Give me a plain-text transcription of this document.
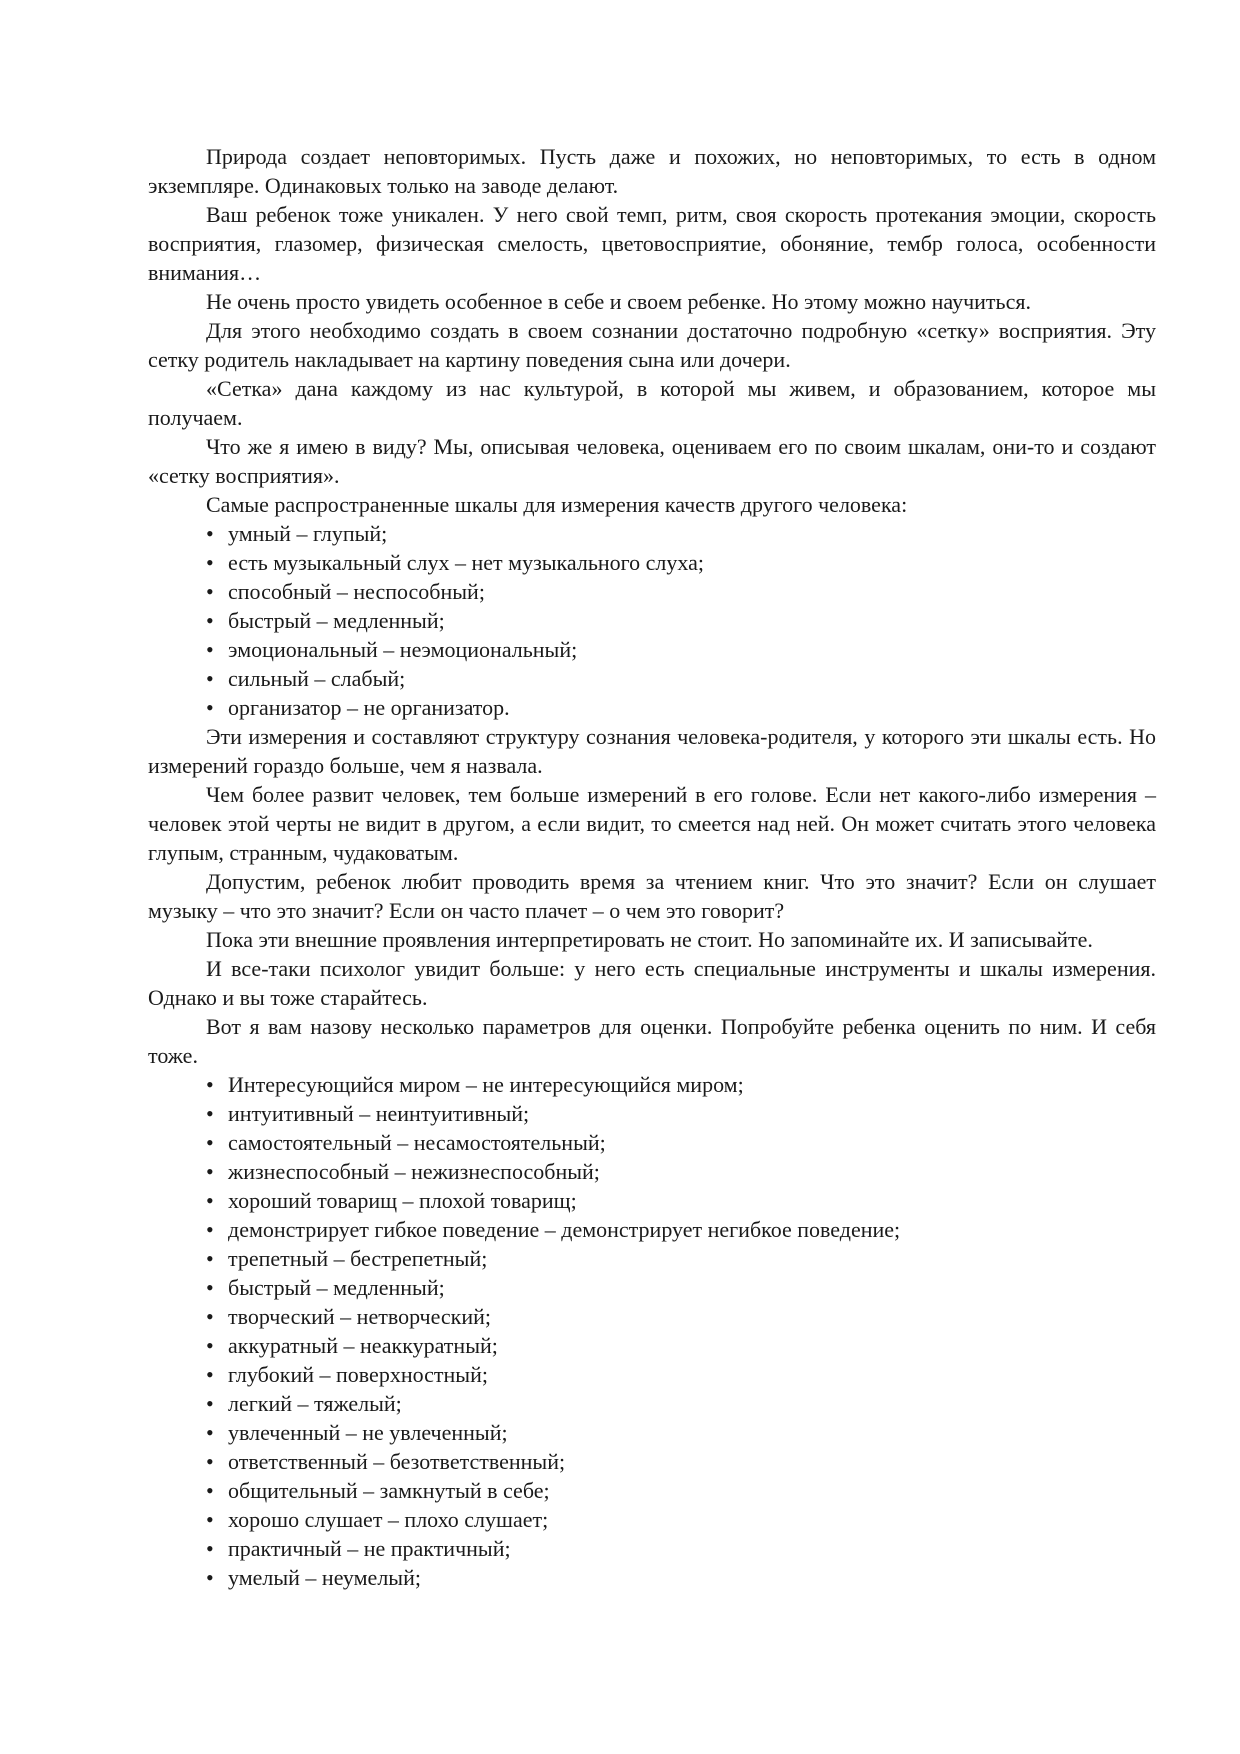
Природа создает неповторимых. Пусть даже и похожих, но неповторимых, то есть в одном экземпляре. Одинаковых только на заводе делают.

Ваш ребенок тоже уникален. У него свой темп, ритм, своя скорость протекания эмоции, скорость восприятия, глазомер, физическая смелость, цветовосприятие, обоняние, тембр голоса, особенности внимания…

Не очень просто увидеть особенное в себе и своем ребенке. Но этому можно научиться.

Для этого необходимо создать в своем сознании достаточно подробную «сетку» восприятия. Эту сетку родитель накладывает на картину поведения сына или дочери.

«Сетка» дана каждому из нас культурой, в которой мы живем, и образованием, которое мы получаем.

Что же я имею в виду? Мы, описывая человека, оцениваем его по своим шкалам, они-то и создают «сетку восприятия».

Самые распространенные шкалы для измерения качеств другого человека:

• умный – глупый;
• есть музыкальный слух – нет музыкального слуха;
• способный – неспособный;
• быстрый – медленный;
• эмоциональный – неэмоциональный;
• сильный – слабый;
• организатор – не организатор.

Эти измерения и составляют структуру сознания человека-родителя, у которого эти шкалы есть. Но измерений гораздо больше, чем я назвала.

Чем более развит человек, тем больше измерений в его голове. Если нет какого-либо измерения – человек этой черты не видит в другом, а если видит, то смеется над ней. Он может считать этого человека глупым, странным, чудаковатым.

Допустим, ребенок любит проводить время за чтением книг. Что это значит? Если он слушает музыку – что это значит? Если он часто плачет – о чем это говорит?

Пока эти внешние проявления интерпретировать не стоит. Но запоминайте их. И записывайте.

И все-таки психолог увидит больше: у него есть специальные инструменты и шкалы измерения. Однако и вы тоже старайтесь.

Вот я вам назову несколько параметров для оценки. Попробуйте ребенка оценить по ним. И себя тоже.

• Интересующийся миром – не интересующийся миром;
• интуитивный – неинтуитивный;
• самостоятельный – несамостоятельный;
• жизнеспособный – нежизнеспособный;
• хороший товарищ – плохой товарищ;
• демонстрирует гибкое поведение – демонстрирует негибкое поведение;
• трепетный – бестрепетный;
• быстрый – медленный;
• творческий – нетворческий;
• аккуратный – неаккуратный;
• глубокий – поверхностный;
• легкий – тяжелый;
• увлеченный – не увлеченный;
• ответственный – безответственный;
• общительный – замкнутый в себе;
• хорошо слушает – плохо слушает;
• практичный – не практичный;
• умелый – неумелый;
